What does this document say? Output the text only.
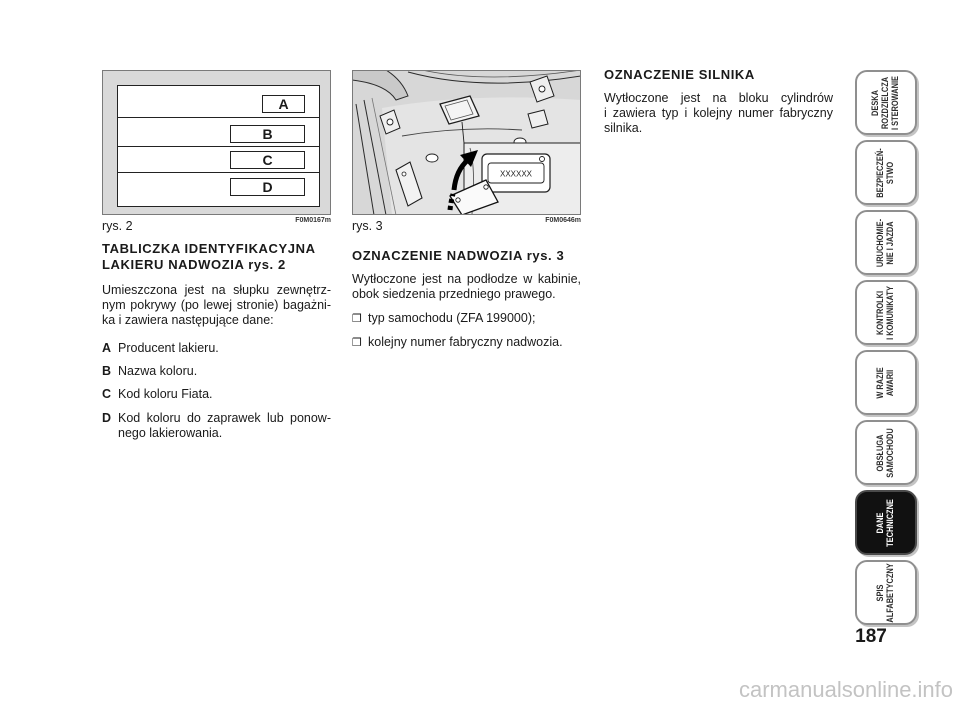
A
B
C
D
rys. 2	F0M0167m
XXXXXX
rys. 3	F0M0646m
TABLICZKA IDENTYFIKACYJNA
LAKIERU NADWOZIA rys. 2
Umieszczona jest na słupku zewnętrz-
nym pokrywy (po lewej stronie) bagażni-
ka i zawiera następujące dane:
A Producent lakieru.
B Nazwa koloru.
C Kod koloru Fiata.
D Kod koloru do zaprawek lub ponow-
nego lakierowania.
OZNACZENIE NADWOZIA rys. 3
Wytłoczone jest na podłodze w kabinie,
obok siedzenia przedniego prawego.
❒ typ samochodu (ZFA 199000);
❒ kolejny numer fabryczny nadwozia.
OZNACZENIE SILNIKA
Wytłoczone jest na bloku cylindrów
i zawiera typ i kolejny numer fabryczny
silnika.
DESKA ROZDZIELCZA I STEROWANIE
BEZPIECZEŃ- STWO
URUCHOMIE- NIE I JAZDA
KONTROLKI I KOMUNIKATY
W RAZIE AWARII
OBSŁUGA SAMOCHODU
DANE TECHNICZNE
SPIS ALFABETYCZNY
187
carmanualsonline.info
